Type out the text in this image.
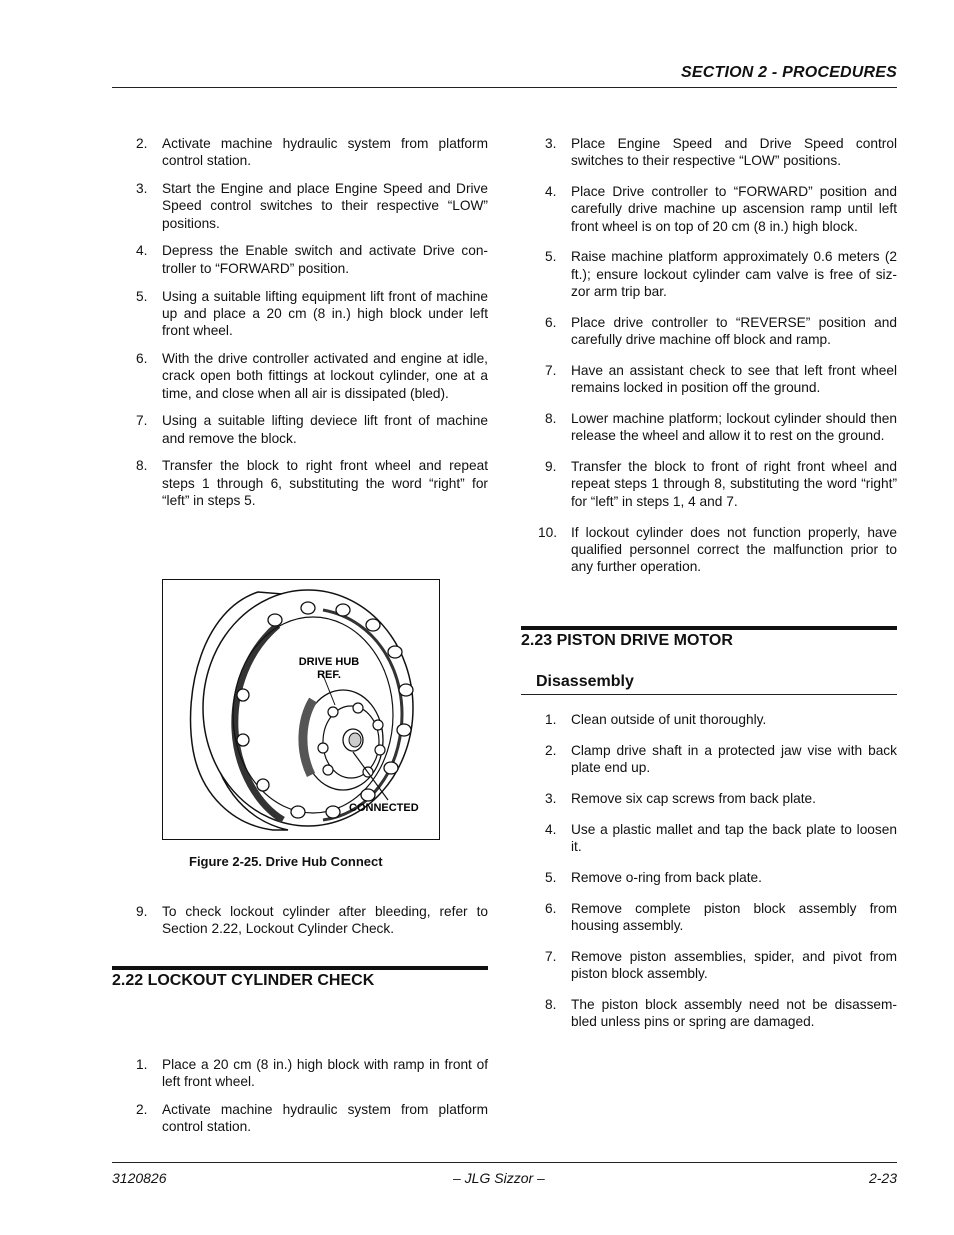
SECTION 2 - PROCEDURES
2.	Activate machine hydraulic system from platform control station.
3.	Start the Engine and place Engine Speed and Drive Speed control switches to their respective “LOW” positions.
4.	Depress the Enable switch and activate Drive con-troller to “FORWARD” position.
5.	Using a suitable lifting equipment lift front of machine up and place a 20 cm (8 in.) high block under left front wheel.
6.	With the drive controller activated and engine at idle, crack open both fittings at lockout cylinder, one at a time, and close when all air is dissipated (bled).
7.	Using a suitable lifting deviece lift front of machine and remove the block.
8.	Transfer the block to right front wheel and repeat steps 1 through 6, substituting the word “right” for “left” in steps 5.
DRIVE HUB
REF.
CONNECTED
Figure 2-25. Drive Hub Connect
9.	To check lockout cylinder after bleeding, refer to Section 2.22, Lockout Cylinder Check.
2.22 LOCKOUT CYLINDER CHECK
1.	Place a 20 cm (8 in.) high block with ramp in front of left front wheel.
2.	Activate machine hydraulic system from platform control station.
3.	Place Engine Speed and Drive Speed control switches to their respective “LOW” positions.
4.	Place Drive controller to “FORWARD” position and carefully drive machine up ascension ramp until left front wheel is on top of 20 cm (8 in.) high block.
5.	Raise machine platform approximately 0.6 meters (2 ft.); ensure lockout cylinder cam valve is free of siz-zor arm trip bar.
6.	Place drive controller to “REVERSE” position and carefully drive machine off block and ramp.
7.	Have an assistant check to see that left front wheel remains locked in position off the ground.
8.	Lower machine platform; lockout cylinder should then release the wheel and allow it to rest on the ground.
9.	Transfer the block to front of right front wheel and repeat steps 1 through 8, substituting the word “right” for “left” in steps 1, 4 and 7.
10.	If lockout cylinder does not function properly, have qualified personnel correct the malfunction prior to any further operation.
2.23 PISTON DRIVE MOTOR
Disassembly
1.	Clean outside of unit thoroughly.
2.	Clamp drive shaft in a protected jaw vise with back plate end up.
3.	Remove six cap screws from back plate.
4.	Use a plastic mallet and tap the back plate to loosen it.
5.	Remove o-ring from back plate.
6.	Remove complete piston block assembly from housing assembly.
7.	Remove piston assemblies, spider, and pivot from piston block assembly.
8.	The piston block assembly need not be disassem-bled unless pins or spring are damaged.
3120826	– JLG Sizzor –	2-23
